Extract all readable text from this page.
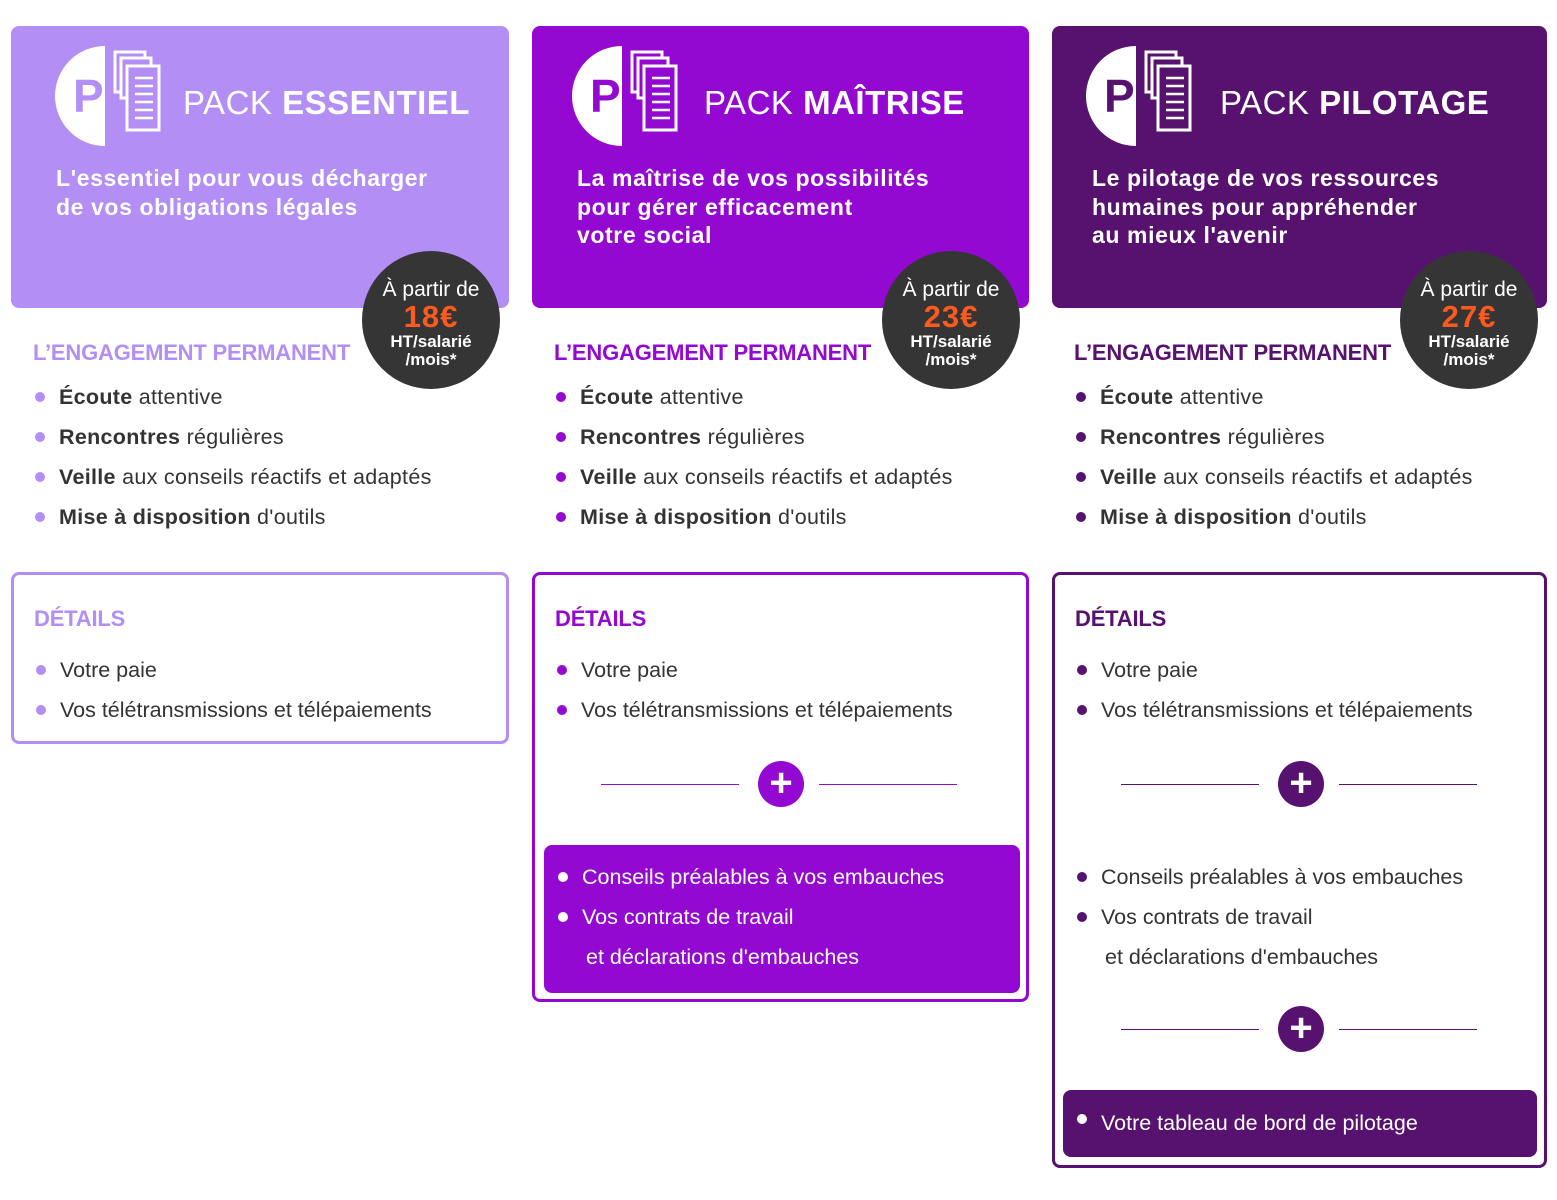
P PACK ESSENTIEL

L'essentiel pour vous décharger
de vos obligations légales

À partir de
18€
HT/salarié
/mois*
L’ENGAGEMENT PERMANENT
Écoute attentive
Rencontres régulières
Veille aux conseils réactifs et adaptés
Mise à disposition d'outils
DÉTAILS
Votre paie
Vos télétransmissions et télépaiements
P	PACK MAÎTRISE

La maîtrise de vos possibilités
pour gérer efficacement
votre social

À partir de
23€
HT/salarié
/mois*
L’ENGAGEMENT PERMANENT
Écoute attentive
Rencontres régulières
Veille aux conseils réactifs et adaptés
Mise à disposition d'outils
DÉTAILS
Votre paie
Vos télétransmissions et télépaiements
+
Conseils préalables à vos embauches
Vos contrats de travail
et déclarations d'embauches
P	PACK PILOTAGE

Le pilotage de vos ressources
humaines pour appréhender
au mieux l'avenir

À partir de
27€
HT/salarié
/mois*
L’ENGAGEMENT PERMANENT
Écoute attentive
Rencontres régulières
Veille aux conseils réactifs et adaptés
Mise à disposition d'outils
DÉTAILS
Votre paie
Vos télétransmissions et télépaiements
+
Conseils préalables à vos embauches
Vos contrats de travail
et déclarations d'embauches
+
Votre tableau de bord de pilotage
